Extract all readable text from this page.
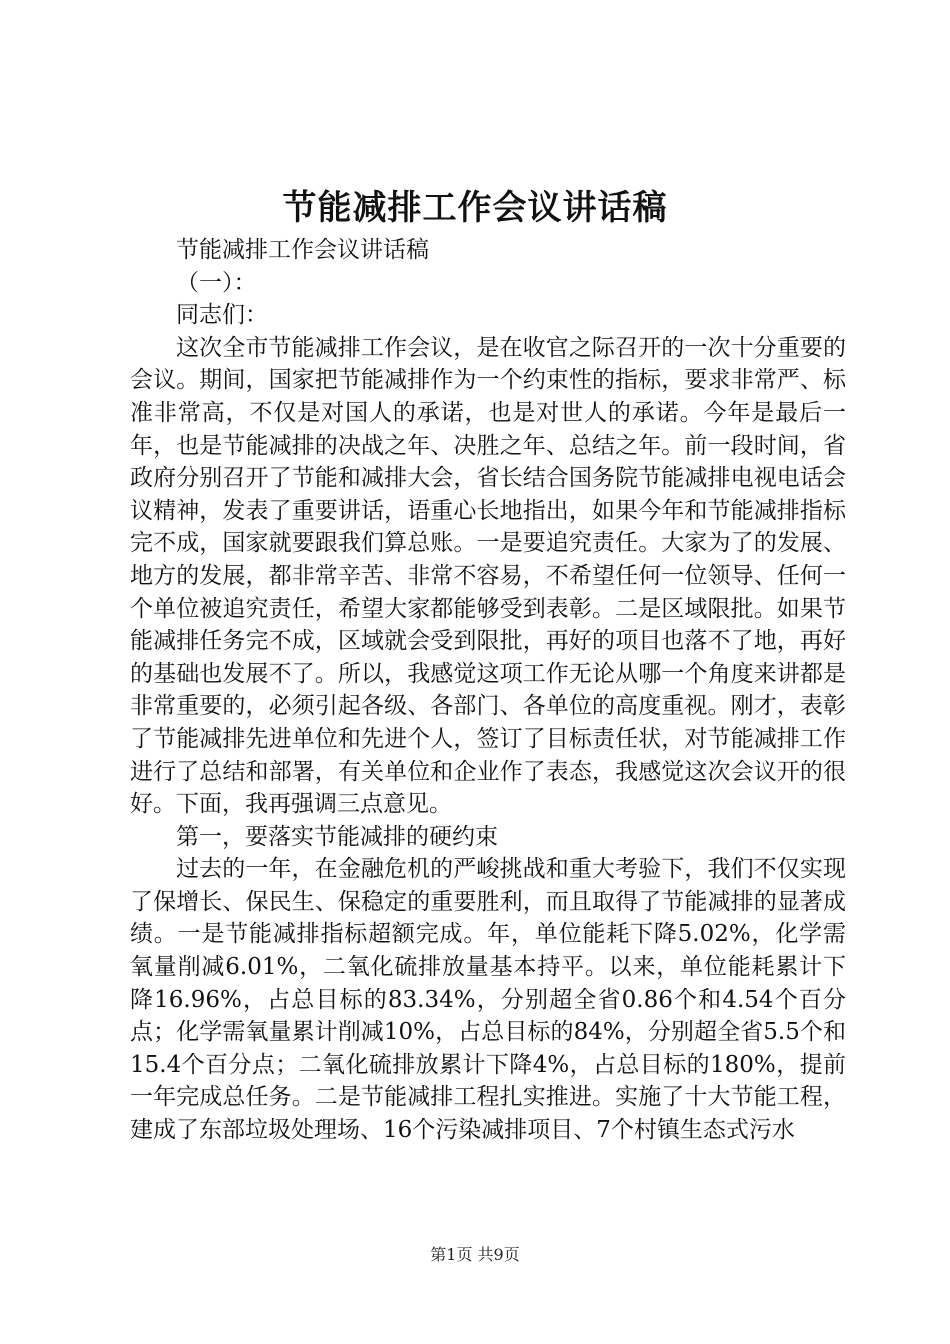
节能减排工作会议讲话稿

节能减排工作会议讲话稿

（一）：

同志们：

这次全市节能减排工作会议，是在收官之际召开的一次十分重要的会议。期间，国家把节能减排作为一个约束性的指标，要求非常严、标准非常高，不仅是对国人的承诺，也是对世人的承诺。今年是最后一年，也是节能减排的决战之年、决胜之年、总结之年。前一段时间，省政府分别召开了节能和减排大会，省长结合国务院节能减排电视电话会议精神，发表了重要讲话，语重心长地指出，如果今年和节能减排指标完不成，国家就要跟我们算总账。一是要追究责任。大家为了的发展、地方的发展，都非常辛苦、非常不容易，不希望任何一位领导、任何一个单位被追究责任，希望大家都能够受到表彰。二是区域限批。如果节能减排任务完不成，区域就会受到限批，再好的项目也落不了地，再好的基础也发展不了。所以，我感觉这项工作无论从哪一个角度来讲都是非常重要的，必须引起各级、各部门、各单位的高度重视。刚才，表彰了节能减排先进单位和先进个人，签订了目标责任状，对节能减排工作进行了总结和部署，有关单位和企业作了表态，我感觉这次会议开的很好。下面，我再强调三点意见。

第一，要落实节能减排的硬约束

过去的一年，在金融危机的严峻挑战和重大考验下，我们不仅实现了保增长、保民生、保稳定的重要胜利，而且取得了节能减排的显著成绩。一是节能减排指标超额完成。年，单位能耗下降5.02%，化学需氧量削减6.01%，二氧化硫排放量基本持平。以来，单位能耗累计下降16.96%，占总目标的83.34%，分别超全省0.86个和4.54个百分点；化学需氧量累计削减10%，占总目标的84%，分别超全省5.5个和15.4个百分点；二氧化硫排放累计下降4%，占总目标的180%，提前一年完成总任务。二是节能减排工程扎实推进。实施了十大节能工程，建成了东部垃圾处理场、16个污染减排项目、7个村镇生态式污水

第1页 共9页
